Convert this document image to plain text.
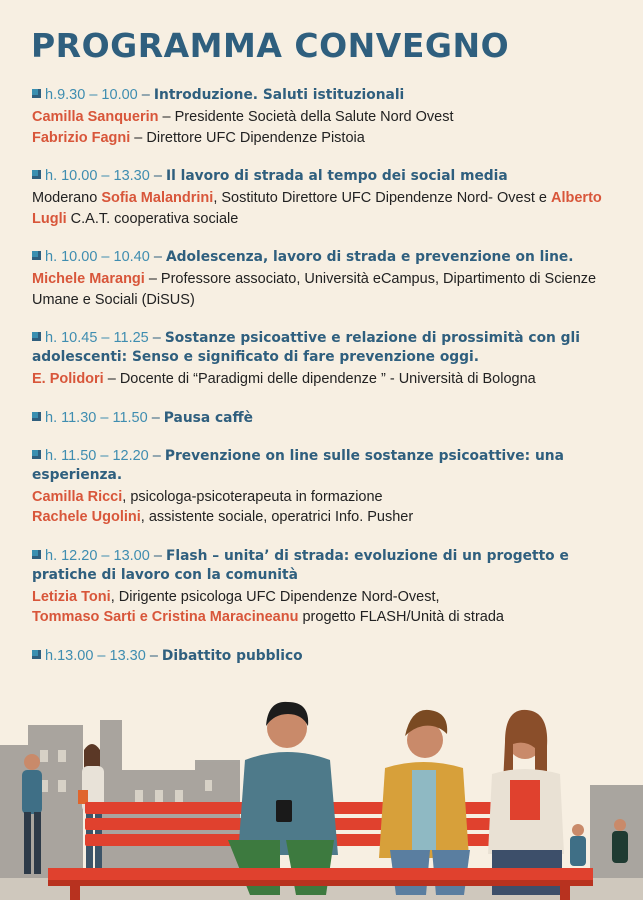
PROGRAMMA CONVEGNO
h.9.30 – 10.00 – Introduzione. Saluti istituzionali
Camilla Sanquerin – Presidente Società della Salute Nord Ovest
Fabrizio Fagni – Direttore UFC Dipendenze Pistoia
h. 10.00 – 13.30 – Il lavoro di strada al tempo dei social media
Moderano Sofia Malandrini, Sostituto Direttore UFC Dipendenze Nord- Ovest e Alberto Lugli C.A.T. cooperativa sociale
h. 10.00 – 10.40 – Adolescenza, lavoro di strada e prevenzione on line.
Michele Marangi – Professore associato, Università eCampus, Dipartimento di Scienze Umane e Sociali (DiSUS)
h. 10.45 – 11.25 – Sostanze psicoattive e relazione di prossimità con gli adolescenti: Senso e significato di fare prevenzione oggi.
E. Polidori – Docente di “Paradigmi delle dipendenze ” - Università di Bologna
h. 11.30 – 11.50 – Pausa caffè
h. 11.50 – 12.20 – Prevenzione on line sulle sostanze psicoattive: una esperienza.
Camilla Ricci, psicologa-psicoterapeuta in formazione
Rachele Ugolini, assistente sociale, operatrici Info. Pusher
h. 12.20 – 13.00 – Flash – unita’ di strada: evoluzione di un progetto e pratiche di lavoro con la comunità
Letizia Toni, Dirigente psicologa UFC Dipendenze Nord-Ovest,
Tommaso Sarti e Cristina Maracineanu progetto FLASH/Unità di strada
h.13.00 – 13.30 – Dibattito pubblico
